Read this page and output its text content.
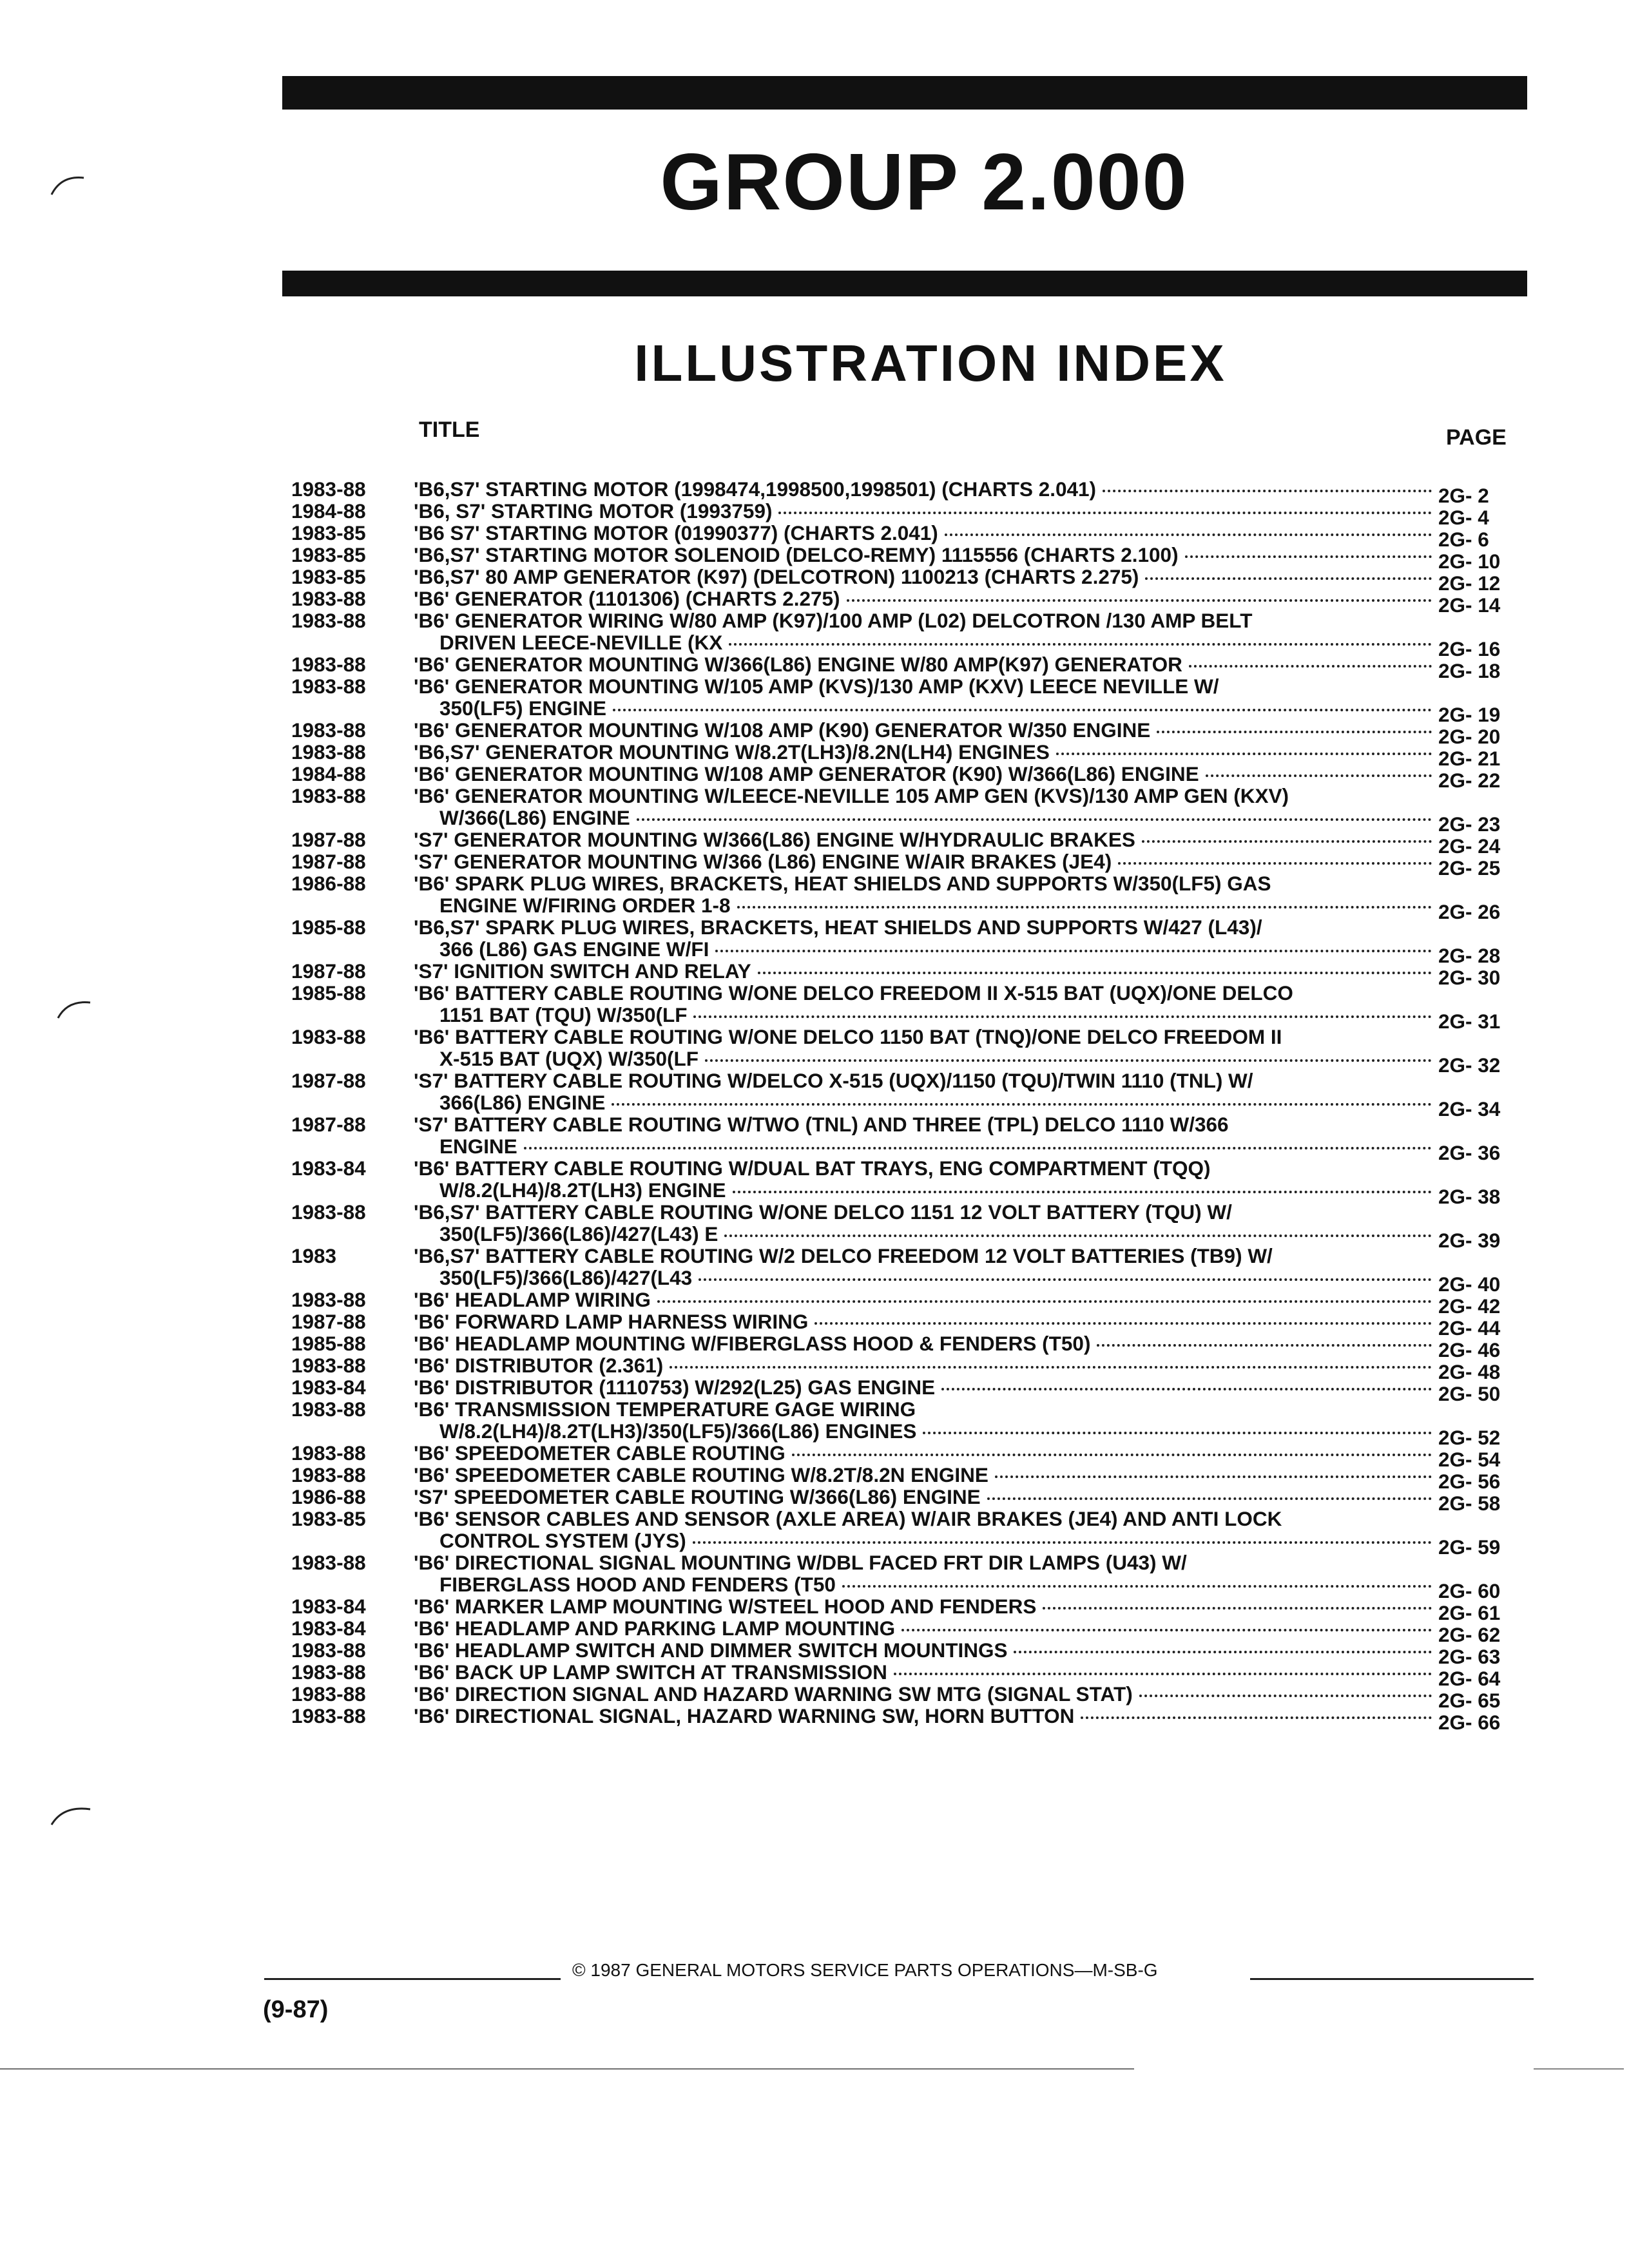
GROUP 2.000
ILLUSTRATION INDEX
TITLE	PAGE
1983-88 'B6,S7' STARTING MOTOR (1998474,1998500,1998501) (CHARTS 2.041)	2G- 2
1984-88 'B6, S7' STARTING MOTOR (1993759)	2G- 4
1983-85 'B6 S7' STARTING MOTOR (01990377) (CHARTS 2.041)	2G- 6
1983-85 'B6,S7' STARTING MOTOR SOLENOID (DELCO-REMY) 1115556 (CHARTS 2.100)	2G- 10
1983-85 'B6,S7' 80 AMP GENERATOR (K97) (DELCOTRON) 1100213 (CHARTS 2.275)	2G- 12
1983-88 'B6' GENERATOR (1101306) (CHARTS 2.275)	2G- 14
1983-88 'B6' GENERATOR WIRING W/80 AMP (K97)/100 AMP (L02) DELCOTRON /130 AMP BELT
DRIVEN LEECE-NEVILLE (KX	2G- 16
1983-88 'B6' GENERATOR MOUNTING W/366(L86) ENGINE W/80 AMP(K97) GENERATOR	2G- 18
1983-88 'B6' GENERATOR MOUNTING W/105 AMP (KVS)/130 AMP (KXV) LEECE NEVILLE W/
350(LF5) ENGINE	2G- 19
1983-88 'B6' GENERATOR MOUNTING W/108 AMP (K90) GENERATOR W/350 ENGINE	2G- 20
1983-88 'B6,S7' GENERATOR MOUNTING W/8.2T(LH3)/8.2N(LH4) ENGINES	2G- 21
1984-88 'B6' GENERATOR MOUNTING W/108 AMP GENERATOR (K90) W/366(L86) ENGINE	2G- 22
1983-88 'B6' GENERATOR MOUNTING W/LEECE-NEVILLE 105 AMP GEN (KVS)/130 AMP GEN (KXV)
W/366(L86) ENGINE	2G- 23
1987-88 'S7' GENERATOR MOUNTING W/366(L86) ENGINE W/HYDRAULIC BRAKES	2G- 24
1987-88 'S7' GENERATOR MOUNTING W/366 (L86) ENGINE W/AIR BRAKES (JE4)	2G- 25
1986-88 'B6' SPARK PLUG WIRES, BRACKETS, HEAT SHIELDS AND SUPPORTS W/350(LF5) GAS
ENGINE W/FIRING ORDER 1-8	2G- 26
1985-88 'B6,S7' SPARK PLUG WIRES, BRACKETS, HEAT SHIELDS AND SUPPORTS W/427 (L43)/
366 (L86) GAS ENGINE W/FI	2G- 28
1987-88 'S7' IGNITION SWITCH AND RELAY	2G- 30
1985-88 'B6' BATTERY CABLE ROUTING W/ONE DELCO FREEDOM II X-515 BAT (UQX)/ONE DELCO
1151 BAT (TQU) W/350(LF	2G- 31
1983-88 'B6' BATTERY CABLE ROUTING W/ONE DELCO 1150 BAT (TNQ)/ONE DELCO FREEDOM II
X-515 BAT (UQX) W/350(LF	2G- 32
1987-88 'S7' BATTERY CABLE ROUTING W/DELCO X-515 (UQX)/1150 (TQU)/TWIN 1110 (TNL) W/
366(L86) ENGINE	2G- 34
1987-88 'S7' BATTERY CABLE ROUTING W/TWO (TNL) AND THREE (TPL) DELCO 1110 W/366
ENGINE	2G- 36
1983-84 'B6' BATTERY CABLE ROUTING W/DUAL BAT TRAYS, ENG COMPARTMENT (TQQ)
W/8.2(LH4)/8.2T(LH3) ENGINE	2G- 38
1983-88 'B6,S7' BATTERY CABLE ROUTING W/ONE DELCO 1151 12 VOLT BATTERY (TQU) W/
350(LF5)/366(L86)/427(L43) E	2G- 39
1983	'B6,S7' BATTERY CABLE ROUTING W/2 DELCO FREEDOM 12 VOLT BATTERIES (TB9) W/
350(LF5)/366(L86)/427(L43	2G- 40
1983-88 'B6' HEADLAMP WIRING	2G- 42
1987-88 'B6' FORWARD LAMP HARNESS WIRING	2G- 44
1985-88 'B6' HEADLAMP MOUNTING W/FIBERGLASS HOOD & FENDERS (T50)	2G- 46
1983-88 'B6' DISTRIBUTOR (2.361)	2G- 48
1983-84 'B6' DISTRIBUTOR (1110753) W/292(L25) GAS ENGINE	2G- 50
1983-88 'B6' TRANSMISSION TEMPERATURE GAGE WIRING
W/8.2(LH4)/8.2T(LH3)/350(LF5)/366(L86) ENGINES	2G- 52
1983-88 'B6' SPEEDOMETER CABLE ROUTING	2G- 54
1983-88 'B6' SPEEDOMETER CABLE ROUTING W/8.2T/8.2N ENGINE	2G- 56
1986-88 'S7' SPEEDOMETER CABLE ROUTING W/366(L86) ENGINE	2G- 58
1983-85 'B6' SENSOR CABLES AND SENSOR (AXLE AREA) W/AIR BRAKES (JE4) AND ANTI LOCK
CONTROL SYSTEM (JYS)	2G- 59
1983-88 'B6' DIRECTIONAL SIGNAL MOUNTING W/DBL FACED FRT DIR LAMPS (U43) W/
FIBERGLASS HOOD AND FENDERS (T50	2G- 60
1983-84 'B6' MARKER LAMP MOUNTING W/STEEL HOOD AND FENDERS	2G- 61
1983-84 'B6' HEADLAMP AND PARKING LAMP MOUNTING	2G- 62
1983-88 'B6' HEADLAMP SWITCH AND DIMMER SWITCH MOUNTINGS	2G- 63
1983-88 'B6' BACK UP LAMP SWITCH AT TRANSMISSION	2G- 64
1983-88 'B6' DIRECTION SIGNAL AND HAZARD WARNING SW MTG (SIGNAL STAT)	2G- 65
1983-88 'B6' DIRECTIONAL SIGNAL, HAZARD WARNING SW, HORN BUTTON	2G- 66
© 1987 GENERAL MOTORS SERVICE PARTS OPERATIONS—M-SB-G
(9-87)
